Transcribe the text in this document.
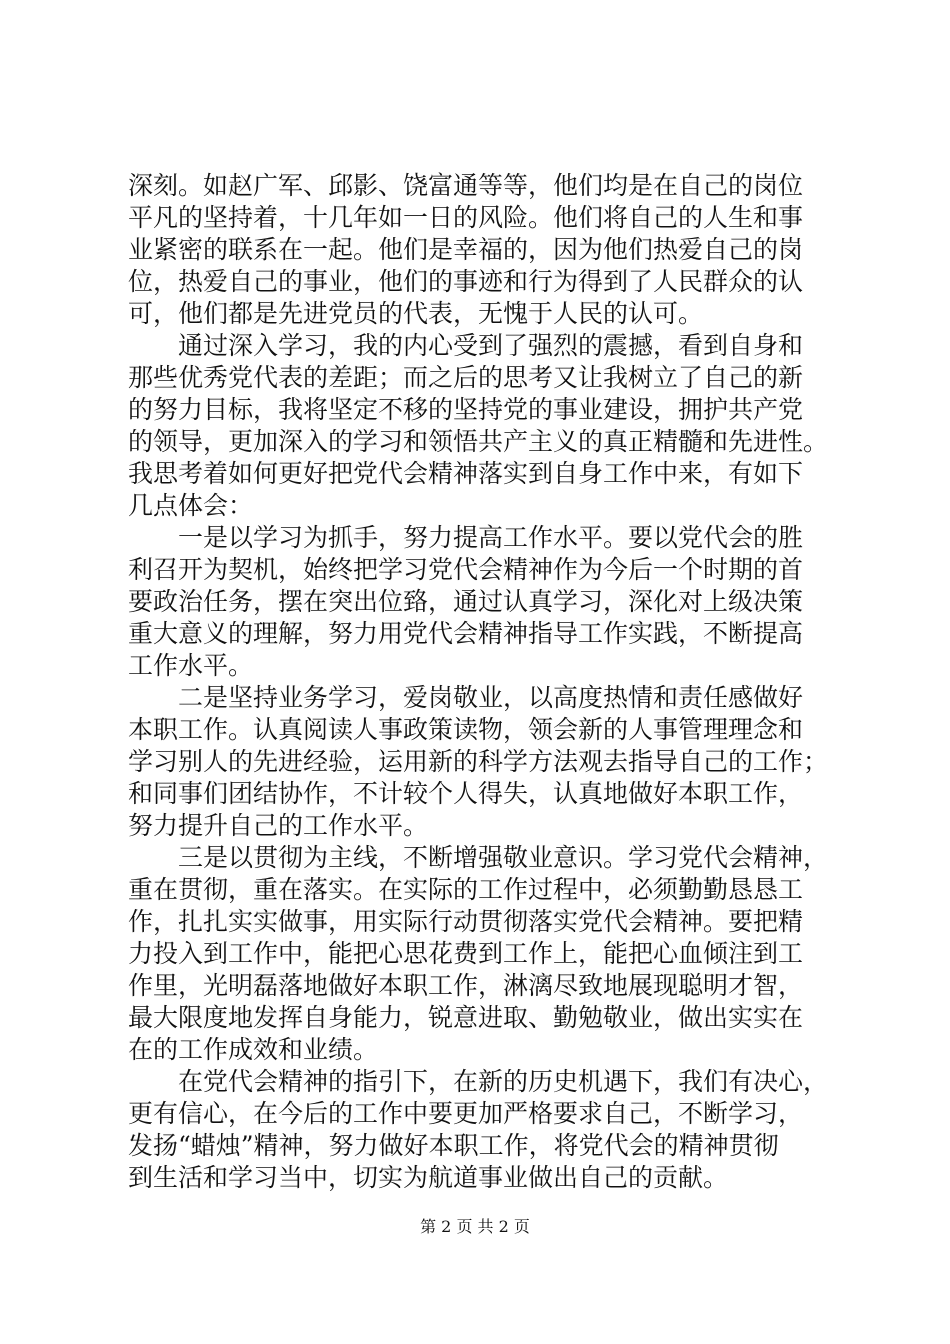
深刻。如赵广军、邱影、饶富通等等，他们均是在自己的岗位
平凡的坚持着，十几年如一日的风险。他们将自己的人生和事
业紧密的联系在一起。他们是幸福的，因为他们热爱自己的岗
位，热爱自己的事业，他们的事迹和行为得到了人民群众的认
可，他们都是先进党员的代表，无愧于人民的认可。
　　通过深入学习，我的内心受到了强烈的震撼，看到自身和
那些优秀党代表的差距；而之后的思考又让我树立了自己的新
的努力目标，我将坚定不移的坚持党的事业建设，拥护共产党
的领导，更加深入的学习和领悟共产主义的真正精髓和先进性。
我思考着如何更好把党代会精神落实到自身工作中来，有如下
几点体会：
　　一是以学习为抓手，努力提高工作水平。要以党代会的胜
利召开为契机，始终把学习党代会精神作为今后一个时期的首
要政治任务，摆在突出位臵，通过认真学习，深化对上级决策
重大意义的理解，努力用党代会精神指导工作实践，不断提高
工作水平。
　　二是坚持业务学习，爱岗敬业，以高度热情和责任感做好
本职工作。认真阅读人事政策读物，领会新的人事管理理念和
学习别人的先进经验，运用新的科学方法观去指导自己的工作；
和同事们团结协作，不计较个人得失，认真地做好本职工作，
努力提升自己的工作水平。
　　三是以贯彻为主线，不断增强敬业意识。学习党代会精神，
重在贯彻，重在落实。在实际的工作过程中，必须勤勤恳恳工
作，扎扎实实做事，用实际行动贯彻落实党代会精神。要把精
力投入到工作中，能把心思花费到工作上，能把心血倾注到工
作里，光明磊落地做好本职工作，淋漓尽致地展现聪明才智，
最大限度地发挥自身能力，锐意进取、勤勉敬业，做出实实在
在的工作成效和业绩。
　　在党代会精神的指引下，在新的历史机遇下，我们有决心，
更有信心，在今后的工作中要更加严格要求自己，不断学习，
发扬“蜡烛”精神，努力做好本职工作，将党代会的精神贯彻
到生活和学习当中，切实为航道事业做出自己的贡献。
第 2 页 共 2 页
